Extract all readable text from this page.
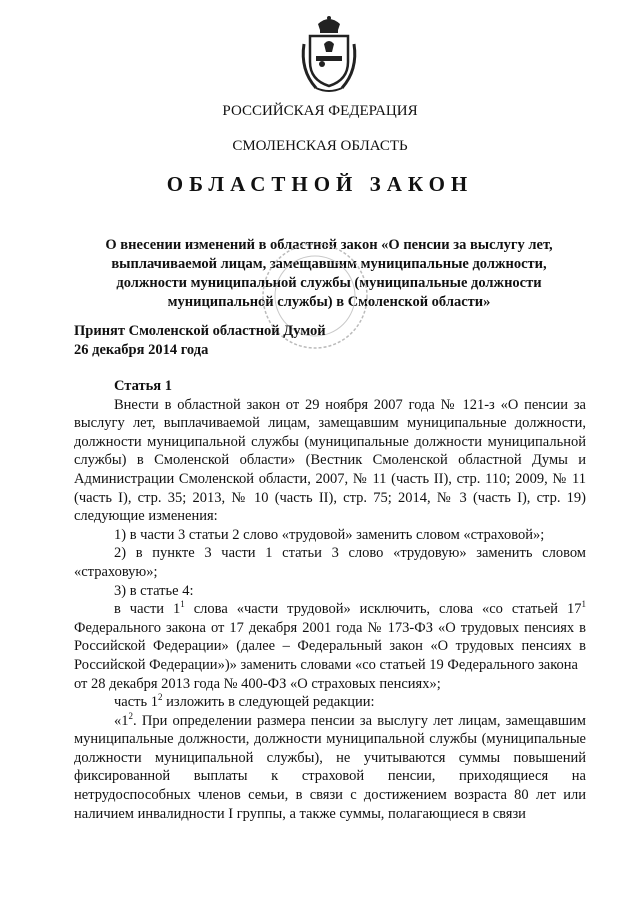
РОССИЙСКАЯ ФЕДЕРАЦИЯ
СМОЛЕНСКАЯ ОБЛАСТЬ
ОБЛАСТНОЙ ЗАКОН
О внесении изменений в областной закон «О пенсии за выслугу лет,
выплачиваемой лицам, замещавшим муниципальные должности,
должности муниципальной службы (муниципальные должности
муниципальной службы) в Смоленской области»
Принят Смоленской областной Думой
26 декабря 2014 года

Статья 1

Внести в областной закон от 29 ноября 2007 года № 121-з «О пенсии за выслугу лет, выплачиваемой лицам, замещавшим муниципальные должности, должности муниципальной службы (муниципальные должности муниципальной службы) в Смоленской области» (Вестник Смоленской областной Думы и Администрации Смоленской области, 2007, № 11 (часть II), стр. 110; 2009, № 11 (часть I), стр. 35; 2013, № 10 (часть II), стр. 75; 2014, № 3 (часть I), стр. 19) следующие изменения:

1) в части 3 статьи 2 слово «трудовой» заменить словом «страховой»;

2) в пункте 3 части 1 статьи 3 слово «трудовую» заменить словом «страховую»;

3) в статье 4:

в части $1^1$ слова «части трудовой» исключить, слова «со статьей $17^1$ Федерального закона от 17 декабря 2001 года № 173-ФЗ «О трудовых пенсиях в Российской Федерации» (далее – Федеральный закон «О трудовых пенсиях в Российской Федерации»)» заменить словами «со статьей 19 Федерального закона

от 28 декабря 2013 года № 400-ФЗ «О страховых пенсиях»;

часть $1^2$ изложить в следующей редакции:

«$1^2$. При определении размера пенсии за выслугу лет лицам, замещавшим муниципальные должности, должности муниципальной службы (муниципальные должности муниципальной службы), не учитываются суммы повышений фиксированной выплаты к страховой пенсии, приходящиеся на нетрудоспособных членов семьи, в связи с достижением возраста 80 лет или наличием инвалидности I группы, а также суммы, полагающиеся в связи
